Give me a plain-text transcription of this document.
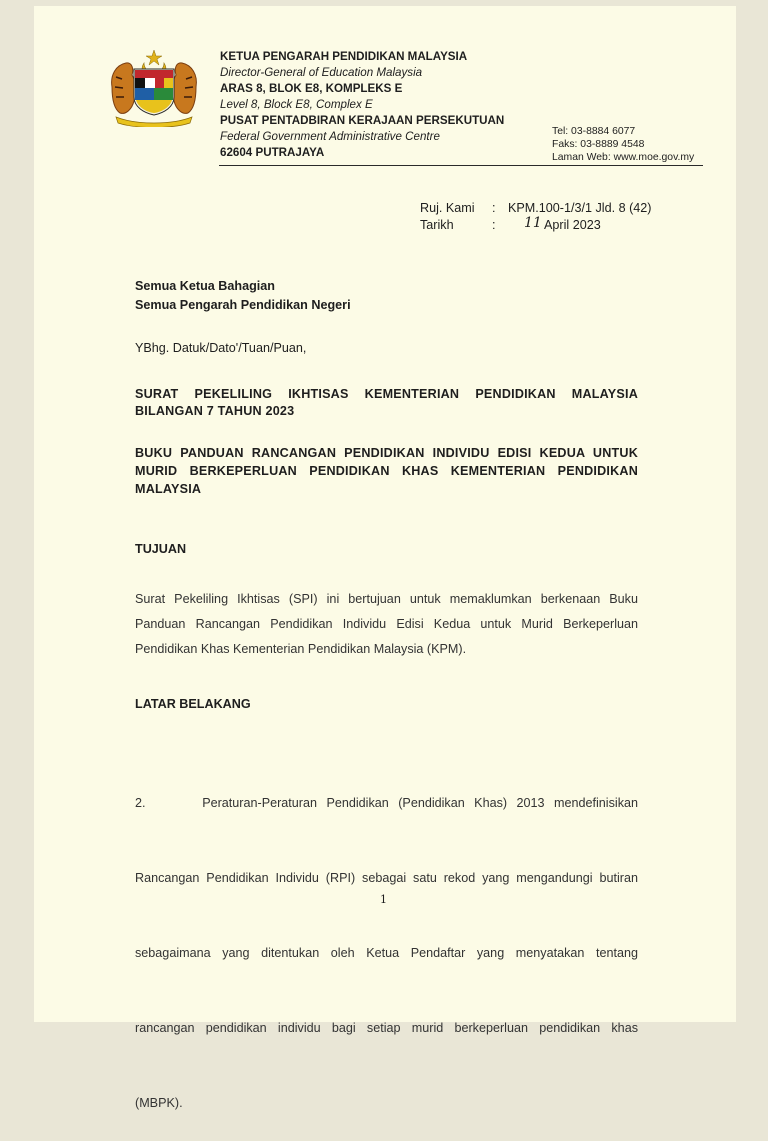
KETUA PENGARAH PENDIDIKAN MALAYSIA
Director-General of Education Malaysia
ARAS 8, BLOK E8, KOMPLEKS E
Level 8, Block E8, Complex E
PUSAT PENTADBIRAN KERAJAAN PERSEKUTUAN
Federal Government Administrative Centre
62604 PUTRAJAYA
Tel: 03-8884 6077
Faks: 03-8889 4548
Laman Web: www.moe.gov.my
Ruj. Kami : KPM.100-1/3/1 Jld. 8 (42)
Tarikh	: 11 April 2023
Semua Ketua Bahagian
Semua Pengarah Pendidikan Negeri
YBhg. Datuk/Dato'/Tuan/Puan,
SURAT PEKELILING IKHTISAS KEMENTERIAN PENDIDIKAN MALAYSIA
BILANGAN 7 TAHUN 2023
BUKU PANDUAN RANCANGAN PENDIDIKAN INDIVIDU EDISI KEDUA UNTUK
MURID BERKEPERLUAN PENDIDIKAN KHAS KEMENTERIAN PENDIDIKAN
MALAYSIA
TUJUAN
Surat Pekeliling Ikhtisas (SPI) ini bertujuan untuk memaklumkan berkenaan Buku
Panduan Rancangan Pendidikan Individu Edisi Kedua untuk Murid Berkeperluan
Pendidikan Khas Kementerian Pendidikan Malaysia (KPM).
LATAR BELAKANG

2.      Peraturan-Peraturan Pendidikan (Pendidikan Khas) 2013 mendefinisikan

Rancangan Pendidikan Individu (RPI) sebagai satu rekod yang mengandungi butiran

sebagaimana yang ditentukan oleh Ketua Pendaftar yang menyatakan tentang

rancangan pendidikan individu bagi setiap murid berkeperluan pendidikan khas

(MBPK).

1
